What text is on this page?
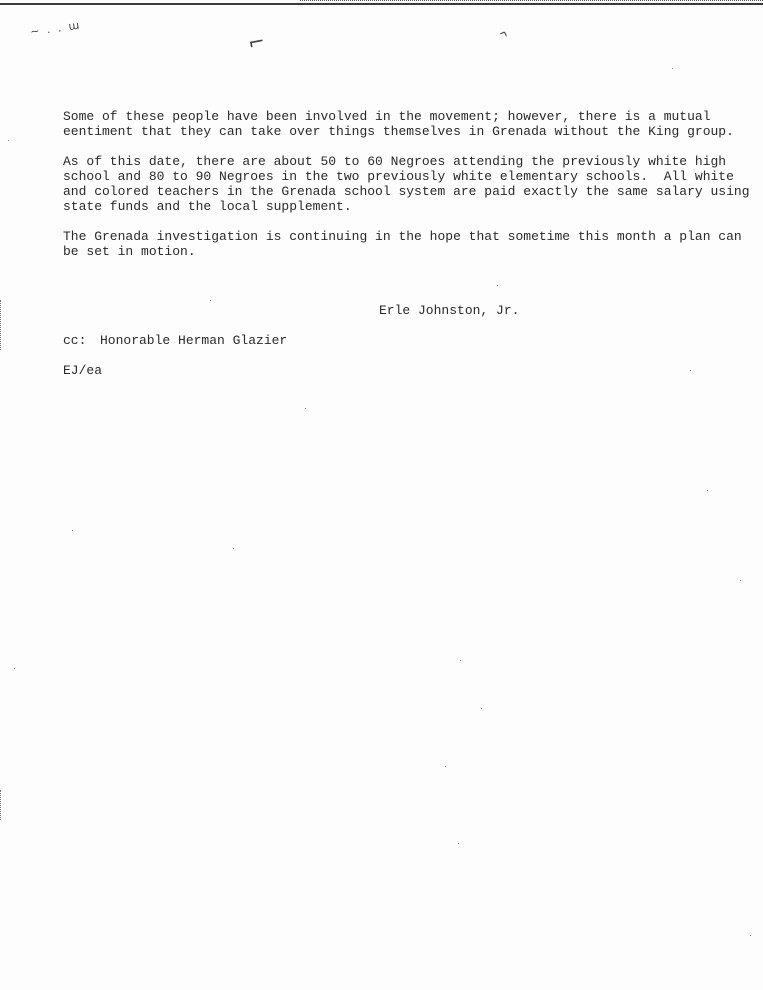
~ . . ɯ
⌐	^
Some of these people have been involved in the movement; however, there is a mutual
eentiment that they can take over things themselves in Grenada without the King group.
As of this date, there are about 50 to 60 Negroes attending the previously white high
school and 80 to 90 Negroes in the two previously white elementary schools.  All white
and colored teachers in the Grenada school system are paid exactly the same salary using
state funds and the local supplement.
The Grenada investigation is continuing in the hope that sometime this month a plan can
be set in motion.
Erle Johnston, Jr.
cc: Honorable Herman Glazier
EJ/ea
